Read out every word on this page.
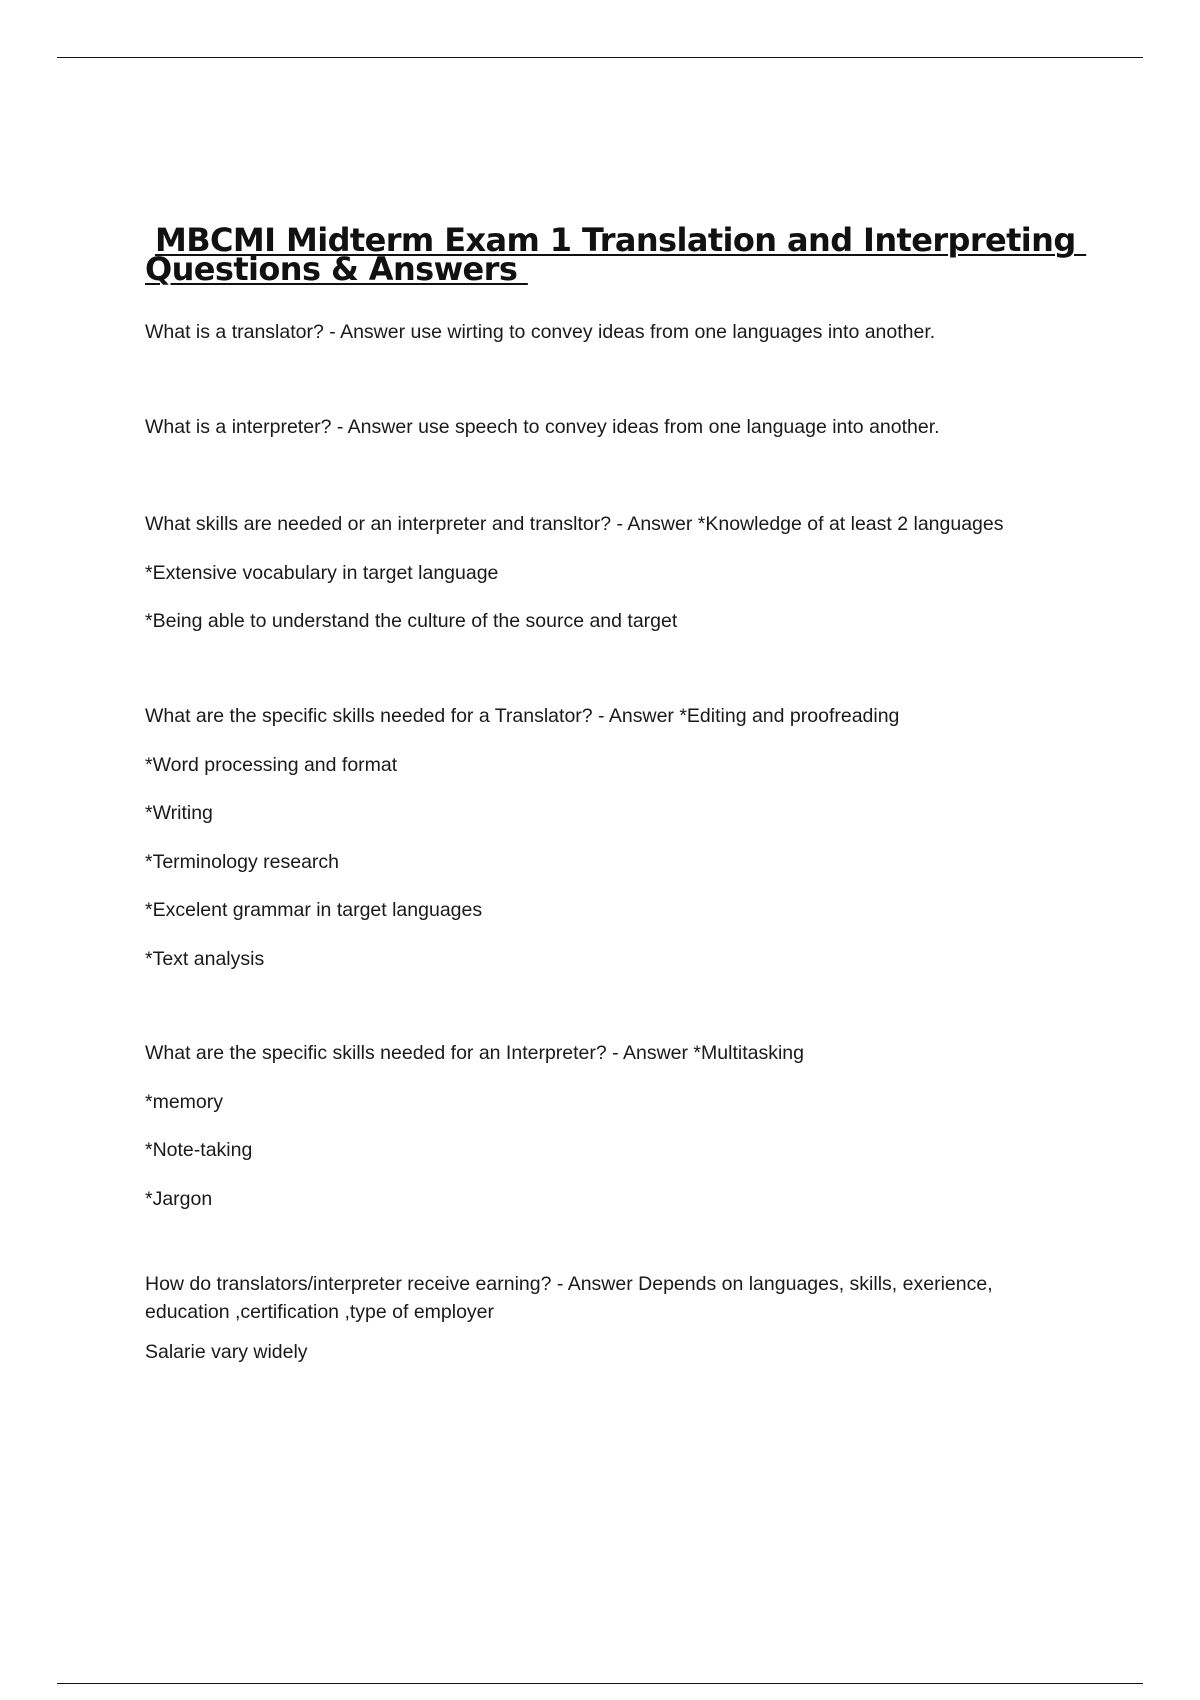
MBCMI Midterm Exam 1 Translation and Interpreting
Questions & Answers

What is a translator? - Answer use wirting to convey ideas from one languages into another.

What is a interpreter? - Answer use speech to convey ideas from one language into another.

What skills are needed or an interpreter and transltor? - Answer *Knowledge of at least 2 languages

*Extensive vocabulary in target language

*Being able to understand the culture of the source and target

What are the specific skills needed for a Translator? - Answer *Editing and proofreading

*Word processing and format

*Writing

*Terminology research

*Excelent grammar in target languages

*Text analysis

What are the specific skills needed for an Interpreter? - Answer *Multitasking

*memory

*Note-taking

*Jargon

How do translators/interpreter receive earning? - Answer Depends on languages, skills, exerience, education ,certification ,type of employer

Salarie vary widely
